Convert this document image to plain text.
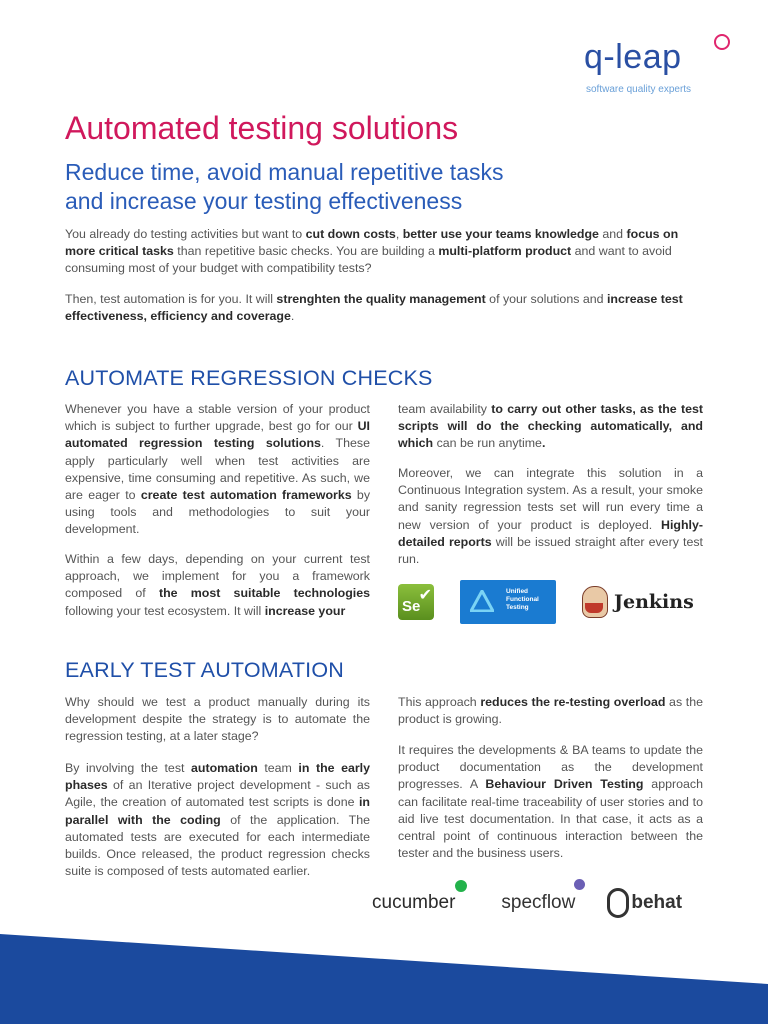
q-leap
software quality experts
Automated testing solutions
Reduce time, avoid manual repetitive tasks
and increase your testing effectiveness

You already do testing activities but want to cut down costs, better use your teams knowledge and focus on more critical tasks than repetitive basic checks. You are building a multi-platform product and want to avoid consuming most of your budget with compatibility tests?

Then, test automation is for you. It will strenghten the quality management of your solutions and increase test effectiveness, efficiency and coverage.

AUTOMATE REGRESSION CHECKS

Whenever you have a stable version of your product which is subject to further upgrade, best go for our UI automated regression testing solutions. These apply particularly well when test activities are expensive, time consuming and repetitive. As such, we are eager to create test automation frameworks by using tools and methodologies to suit your development.

Within a few days, depending on your current test approach, we implement for you a framework composed of the most suitable technologies following your test ecosystem. It will increase your

team availability to carry out other tasks, as the test scripts will do the checking automatically, and which can be run anytime.

Moreover, we can integrate this solution in a Continuous Integration system. As a result, your smoke and sanity regression tests set will run every time a new version of your product is deployed. Highly-detailed reports will be issued straight after every test run.

Se
✔	Unified
Functional
Testing	Jenkins
EARLY TEST AUTOMATION

Why should we test a product manually during its development despite the strategy is to automate the regression testing, at a later stage?

By involving the test automation team in the early phases of an Iterative project development - such as Agile, the creation of automated test scripts is done in parallel with the coding of the application. The automated tests are executed for each intermediate builds. Once released, the product regression checks suite is composed of tests automated earlier.

This approach reduces the re-testing overload as the product is growing.

It requires the developments & BA teams to update the product documentation as the development progresses. A Behaviour Driven Testing approach can facilitate real-time traceability of user stories and to aid live test documentation. In that case, it acts as a central point of continuous interaction between the tester and the business users.

cucumber specflow	behat
